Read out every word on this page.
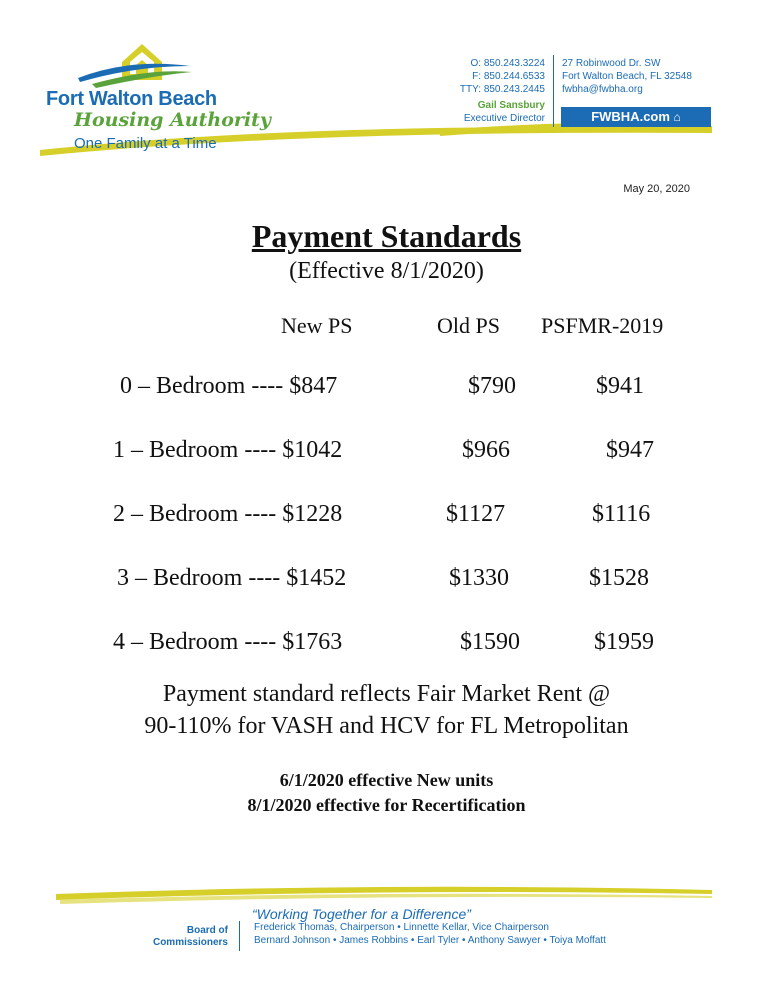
Fort Walton Beach
Housing Authority
One Family at a Time
O: 850.243.3224
F: 850.244.6533
TTY: 850.243.2445
Gail Sansbury
Executive Director
27 Robinwood Dr. SW
Fort Walton Beach, FL 32548
fwbha@fwbha.org
FWBHA.com ⌂
May 20, 2020
Payment Standards
(Effective 8/1/2020)
New PS	Old PS PSFMR-2019
0 – Bedroom ---- $847	$790	$941
1 – Bedroom ---- $1042	$966	$947
2 – Bedroom ---- $1228	$1127	$1116
3 – Bedroom ---- $1452	$1330	$1528
4 – Bedroom ---- $1763	$1590	$1959
Payment standard reflects Fair Market Rent @
90-110% for VASH and HCV for FL Metropolitan
6/1/2020 effective New units
8/1/2020 effective for Recertification
“Working Together for a Difference”
Board of
Commissioners
Frederick Thomas, Chairperson • Linnette Kellar, Vice Chairperson
Bernard Johnson • James Robbins • Earl Tyler • Anthony Sawyer • Toiya Moffatt
